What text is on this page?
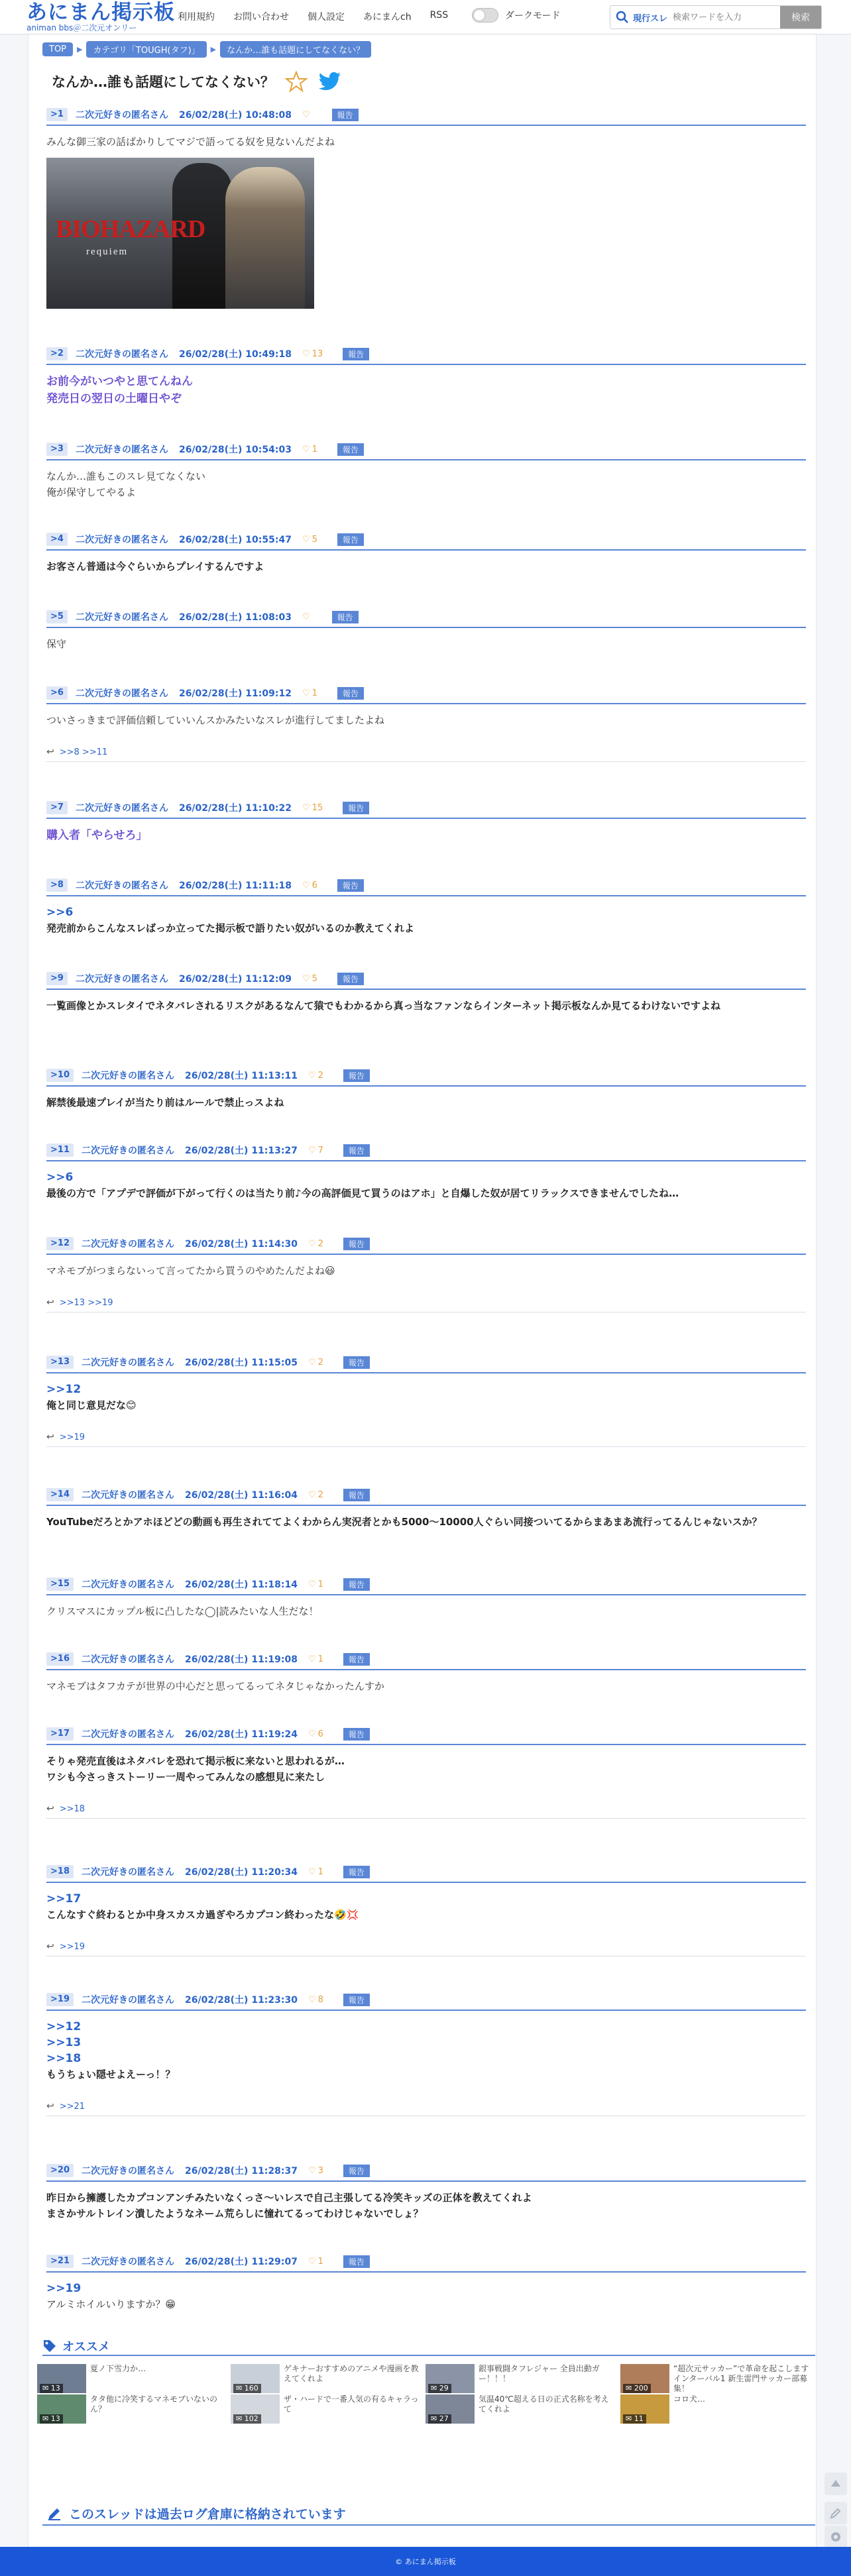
あにまん掲示板
animan bbs＠二次元オンリー
利用規約 お問い合わせ 個人設定 あにまんch RSS	ダークモード	現行スレ
検索ワードを入力	検索
TOP	▶	カテゴリ「TOUGH(タフ)」	▶	なんか…誰も話題にしてなくない？
なんか…誰も話題にしてなくない？
>1	二次元好きの匿名さん 26/02/28(土) 10:48:08 ♡	報告
みんな御三家の話ばかりしてマジで語ってる奴を見ないんだよね
BIOHAZARD
requiem
>2	二次元好きの匿名さん 26/02/28(土) 10:49:18 ♡ 13	報告
お前今がいつやと思てんねん
発売日の翌日の土曜日やぞ
>3	二次元好きの匿名さん 26/02/28(土) 10:54:03 ♡ 1	報告
なんか…誰もこのスレ見てなくない
俺が保守してやるよ
>4	二次元好きの匿名さん 26/02/28(土) 10:55:47 ♡ 5	報告
お客さん普通は今ぐらいからプレイするんですよ
>5	二次元好きの匿名さん 26/02/28(土) 11:08:03 ♡	報告
保守
>6	二次元好きの匿名さん 26/02/28(土) 11:09:12 ♡ 1	報告
ついさっきまで評価信頼していいんスかみたいなスレが進行してましたよね
↩ >>8 >>11
>7	二次元好きの匿名さん 26/02/28(土) 11:10:22 ♡ 15	報告
購入者「やらせろ」
>8	二次元好きの匿名さん 26/02/28(土) 11:11:18 ♡ 6	報告
>>6
発売前からこんなスレばっか立ってた掲示板で語りたい奴がいるのか教えてくれよ
>9	二次元好きの匿名さん 26/02/28(土) 11:12:09 ♡ 5	報告
一覧画像とかスレタイでネタバレされるリスクがあるなんて猿でもわかるから真っ当なファンならインターネット掲示板なんか見てるわけないですよね
>10	二次元好きの匿名さん 26/02/28(土) 11:13:11 ♡ 2	報告
解禁後最速プレイが当たり前はルールで禁止っスよね
>11	二次元好きの匿名さん 26/02/28(土) 11:13:27 ♡ 7	報告
>>6
最後の方で「アプデで評価が下がって行くのは当たり前♪今の高評価見て買うのはアホ」と自爆した奴が居てリラックスできませんでしたね…
>12	二次元好きの匿名さん 26/02/28(土) 11:14:30 ♡ 2	報告
マネモブがつまらないって言ってたから買うのやめたんだよね😃
↩ >>13 >>19
>13	二次元好きの匿名さん 26/02/28(土) 11:15:05 ♡ 2	報告
>>12
俺と同じ意見だな😊
↩ >>19
>14	二次元好きの匿名さん 26/02/28(土) 11:16:04 ♡ 2	報告
YouTubeだろとかアホほどどの動画も再生されててよくわからん実況者とかも5000〜10000人ぐらい同接ついてるからまあまあ流行ってるんじゃないスか？
>15	二次元好きの匿名さん 26/02/28(土) 11:18:14 ♡ 1	報告
クリスマスにカップル板に凸したな◯|読みたいな人生だな！
>16	二次元好きの匿名さん 26/02/28(土) 11:19:08 ♡ 1	報告
マネモブはタフカテが世界の中心だと思ってるってネタじゃなかったんすか
>17	二次元好きの匿名さん 26/02/28(土) 11:19:24 ♡ 6	報告
そりゃ発売直後はネタバレを恐れて掲示板に来ないと思われるが…
ワシも今さっきストーリー一周やってみんなの感想見に来たし
↩ >>18
>18	二次元好きの匿名さん 26/02/28(土) 11:20:34 ♡ 1	報告
>>17
こんなすぐ終わるとか中身スカスカ過ぎやろカプコン終わったな🤣💢
↩ >>19
>19	二次元好きの匿名さん 26/02/28(土) 11:23:30 ♡ 8	報告
>>12
>>13
>>18
もうちょい隠せよえーっ！？
↩ >>21
>20	二次元好きの匿名さん 26/02/28(土) 11:28:37 ♡ 3	報告
昨日から擁護したカプコンアンチみたいなくっさ〜いレスで自己主張してる冷笑キッズの正体を教えてくれよ
まさかサルトレイン潰したようなネーム荒らしに憧れてるってわけじゃないでしょ？
>21	二次元好きの匿名さん 26/02/28(土) 11:29:07 ♡ 1	報告
>>19
アルミホイルいりますか？😁
オススメ
✉ 13
夏ノ下雪力か…
✉ 160
ゲキナーおすすめのアニメや漫画を教えてくれよ
✉ 29
銀事戦闘タフレジャー 全員出動ガー！！！
✉ 200
“超次元サッカー”で革命を起こしますインターバル1 新生雷門サッカー部募集！
✉ 13
タタ他に冷笑するマネモブいないのん？
✉ 102
ザ・ハードで一番人気の有るキャラって
✉ 27
気温40℃超える日の正式名称を考えてくれよ
✉ 11
コロ犬…
このスレッドは過去ログ倉庫に格納されています
© あにまん掲示板
